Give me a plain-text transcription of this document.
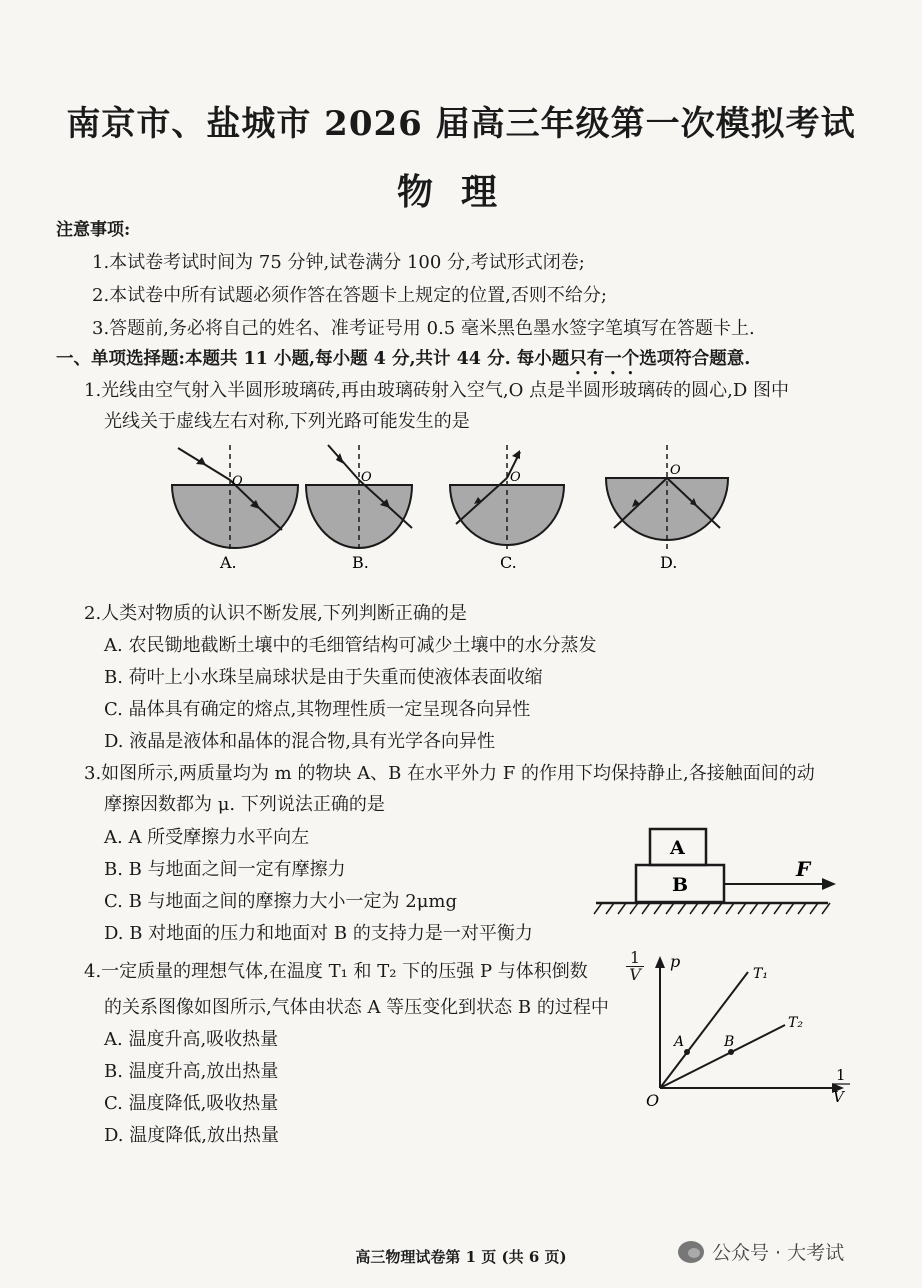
南京市、盐城市 2026 届高三年级第一次模拟考试
物理
注意事项:
1.本试卷考试时间为 75 分钟,试卷满分 100 分,考试形式闭卷;
2.本试卷中所有试题必须作答在答题卡上规定的位置,否则不给分;
3.答题前,务必将自己的姓名、准考证号用 0.5 毫米黑色墨水签字笔填写在答题卡上.
一、单项选择题:本题共 11 小题,每小题 4 分,共计 44 分. 每小题只有一个选项符合题意.
1.光线由空气射入半圆形玻璃砖,再由玻璃砖射入空气,O 点是半圆形玻璃砖的圆心,D 图中
光线关于虚线左右对称,下列光路可能发生的是
O
A.
O
B.
O
C.
O
D.
2.人类对物质的认识不断发展,下列判断正确的是
A. 农民锄地截断土壤中的毛细管结构可减少土壤中的水分蒸发
B. 荷叶上小水珠呈扁球状是由于失重而使液体表面收缩
C. 晶体具有确定的熔点,其物理性质一定呈现各向异性
D. 液晶是液体和晶体的混合物,具有光学各向异性
3.如图所示,两质量均为 m 的物块 A、B 在水平外力 F 的作用下均保持静止,各接触面间的动
摩擦因数都为 μ. 下列说法正确的是
A. A 所受摩擦力水平向左
B. B 与地面之间一定有摩擦力
C. B 与地面之间的摩擦力大小一定为 2μmg
D. B 对地面的压力和地面对 B 的支持力是一对平衡力
A
B
F
4.一定质量的理想气体,在温度 T₁ 和 T₂ 下的压强 P 与体积倒数 $\frac{1}{V}$
的关系图像如图所示,气体由状态 A 等压变化到状态 B 的过程中
A. 温度升高,吸收热量
B. 温度升高,放出热量
C. 温度降低,吸收热量
D. 温度降低,放出热量
p
O
1
V
T₁
T₂
A	B
高三物理试卷第 1 页 (共 6 页)	公众号 · 大考试
